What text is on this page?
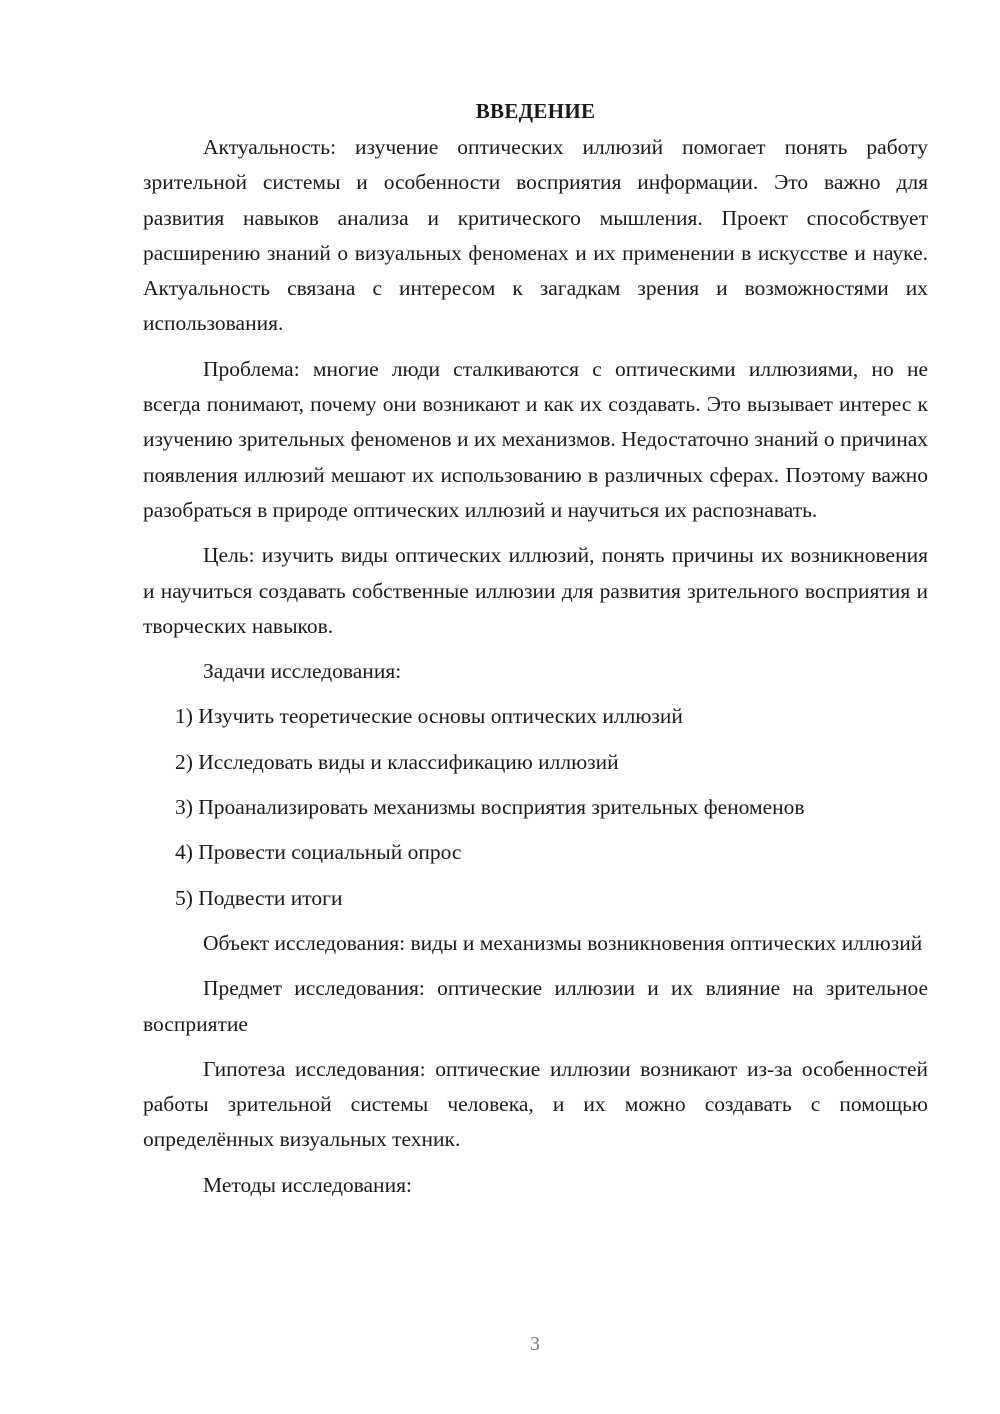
ВВЕДЕНИЕ

Актуальность: изучение оптических иллюзий помогает понять работу зрительной системы и особенности восприятия информации. Это важно для развития навыков анализа и критического мышления. Проект способствует расширению знаний о визуальных феноменах и их применении в искусстве и науке. Актуальность связана с интересом к загадкам зрения и возможностями их использования.

Проблема: многие люди сталкиваются с оптическими иллюзиями, но не всегда понимают, почему они возникают и как их создавать. Это вызывает интерес к изучению зрительных феноменов и их механизмов. Недостаточно знаний о причинах появления иллюзий мешают их использованию в различных сферах. Поэтому важно разобраться в природе оптических иллюзий и научиться их распознавать.

Цель: изучить виды оптических иллюзий, понять причины их возникновения и научиться создавать собственные иллюзии для развития зрительного восприятия и творческих навыков.

Задачи исследования:

1) Изучить теоретические основы оптических иллюзий
2) Исследовать виды и классификацию иллюзий
3) Проанализировать механизмы восприятия зрительных феноменов
4) Провести социальный опрос
5) Подвести итоги

Объект исследования: виды и механизмы возникновения оптических иллюзий

Предмет исследования: оптические иллюзии и их влияние на зрительное восприятие

Гипотеза исследования: оптические иллюзии возникают из-за особенностей работы зрительной системы человека, и их можно создавать с помощью определённых визуальных техник.

Методы исследования:

3
